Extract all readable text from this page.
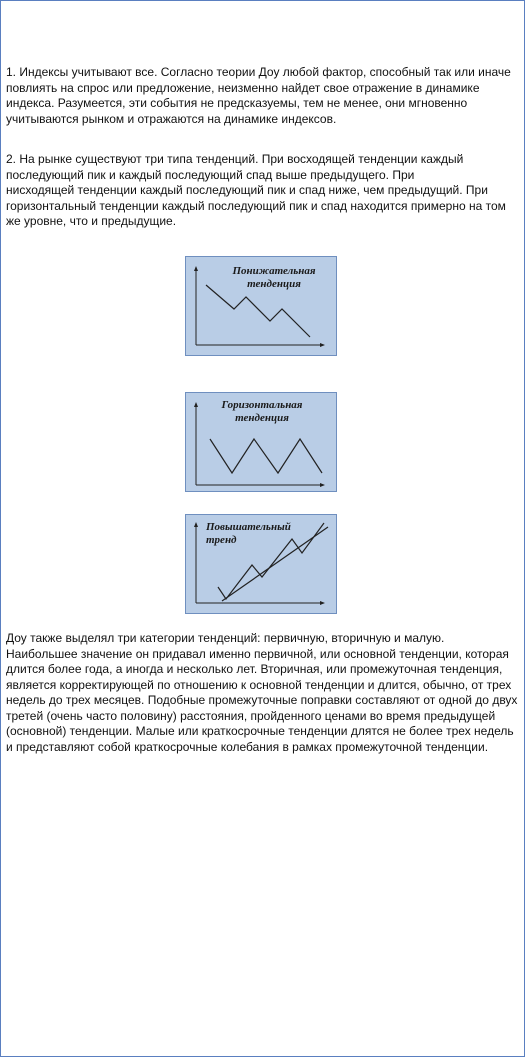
1. Индексы учитывают все. Согласно теории Доу любой фактор, способный так или иначе повлиять на спрос или предложение, неизменно найдет свое отражение в динамике индекса. Разумеется, эти события не предсказуемы, тем не менее, они мгновенно учитываются рынком и отражаются на динамике индексов.

2. На рынке существуют три типа тенденций. При восходящей тенденции каждый последующий пик и каждый последующий спад выше предыдущего. При
нисходящей тенденции каждый последующий пик и спад ниже, чем предыдущий. При горизонтальный тенденции каждый последующий пик и спад находится примерно на том же уровне, что и предыдущие.
Понижательная
тенденция
Горизонтальная
тенденция
Повышательный
тренд

Доу также выделял три категории тенденций: первичную, вторичную и малую. Наибольшее значение он придавал именно первичной, или основной тенденции, которая длится более года, а иногда и несколько лет. Вторичная, или промежуточная тенденция, является корректирующей по отношению к основной тенденции и длится, обычно, от трех недель до трех месяцев. Подобные промежуточные поправки составляют от одной до двух третей (очень часто половину) расстояния, пройденного ценами во время предыдущей (основной) тенденции. Малые или краткосрочные тенденции длятся не более трех недель и представляют собой краткосрочные колебания в рамках промежуточной тенденции.
